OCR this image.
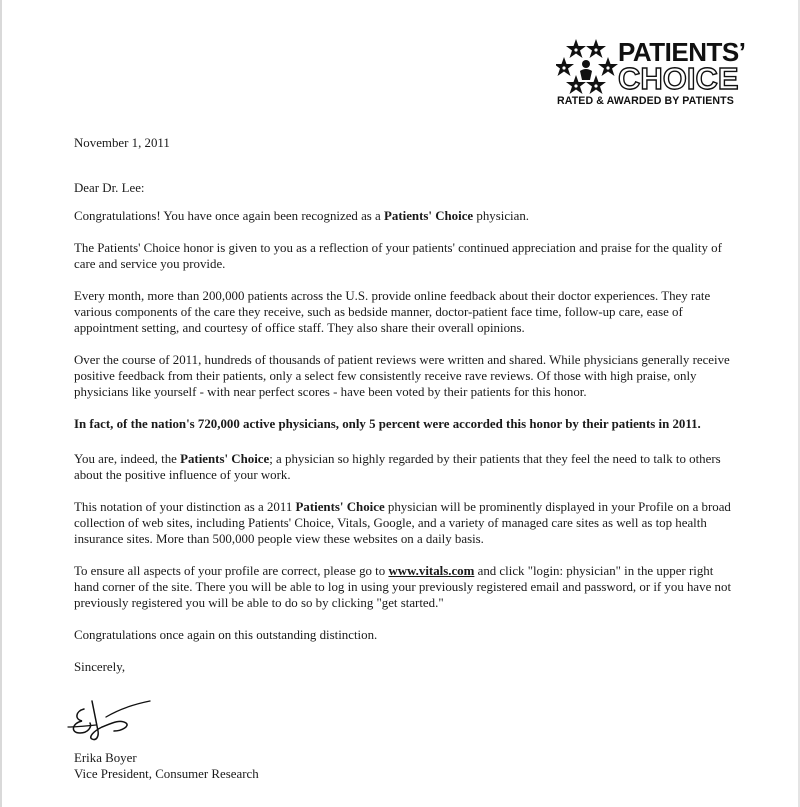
PATIENTS’
CHOICE
RATED & AWARDED BY PATIENTS

November 1, 2011

Dear Dr. Lee:

Congratulations! You have once again been recognized as a Patients' Choice physician.

The Patients' Choice honor is given to you as a reflection of your patients' continued appreciation and praise for the quality of care and service you provide.

Every month, more than 200,000 patients across the U.S. provide online feedback about their doctor experiences. They rate various components of the care they receive, such as bedside manner, doctor-patient face time, follow-up care, ease of appointment setting, and courtesy of office staff. They also share their overall opinions.

Over the course of 2011, hundreds of thousands of patient reviews were written and shared. While physicians generally receive positive feedback from their patients, only a select few consistently receive rave reviews. Of those with high praise, only physicians like yourself - with near perfect scores - have been voted by their patients for this honor.

In fact, of the nation's 720,000 active physicians, only 5 percent were accorded this honor by their patients in 2011.

You are, indeed, the Patients' Choice; a physician so highly regarded by their patients that they feel the need to talk to others about the positive influence of your work.

This notation of your distinction as a 2011 Patients' Choice physician will be prominently displayed in your Profile on a broad collection of web sites, including Patients' Choice, Vitals, Google, and a variety of managed care sites as well as top health insurance sites. More than 500,000 people view these websites on a daily basis.

To ensure all aspects of your profile are correct, please go to www.vitals.com and click "login: physician" in the upper right hand corner of the site. There you will be able to log in using your previously registered email and password, or if you have not previously registered you will be able to do so by clicking "get started."

Congratulations once again on this outstanding distinction.

Sincerely,

Erika Boyer
Vice President, Consumer Research
